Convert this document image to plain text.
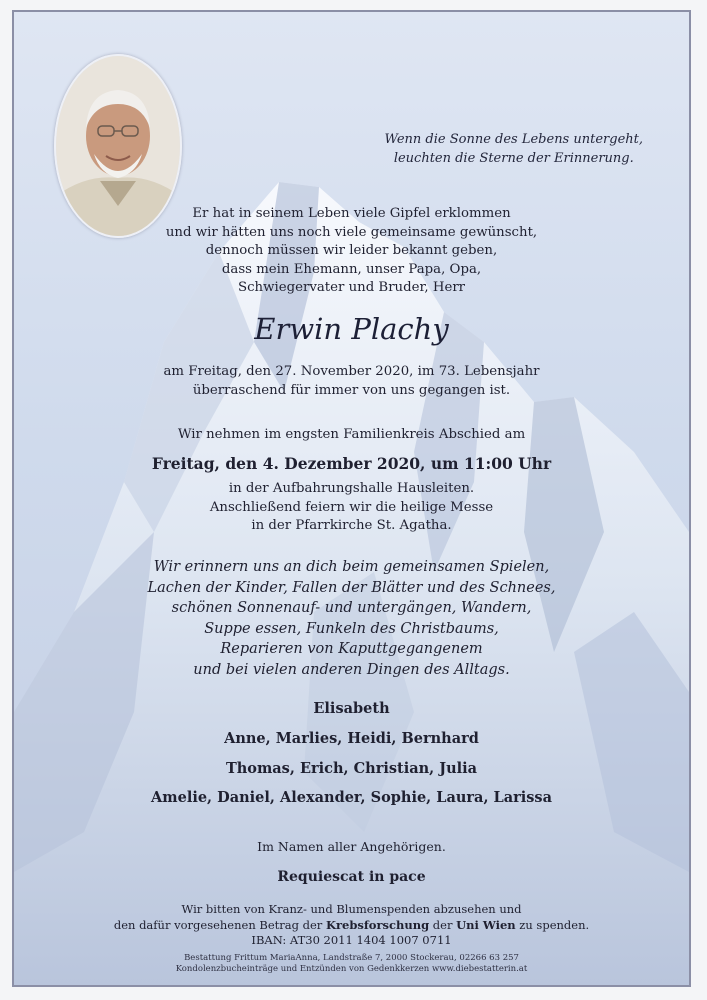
Wenn die Sonne des Lebens untergeht,
leuchten die Sterne der Erinnerung.
Er hat in seinem Leben viele Gipfel erklommen
und wir hätten uns noch viele gemeinsame gewünscht,
dennoch müssen wir leider bekannt geben,
dass mein Ehemann, unser Papa, Opa,
Schwiegervater und Bruder, Herr
Erwin Plachy
am Freitag, den 27. November 2020, im 73. Lebensjahr
überraschend für immer von uns gegangen ist.
Wir nehmen im engsten Familienkreis Abschied am
Freitag, den 4. Dezember 2020, um 11:00 Uhr
in der Aufbahrungshalle Hausleiten.
Anschließend feiern wir die heilige Messe
in der Pfarrkirche St. Agatha.
Wir erinnern uns an dich beim gemeinsamen Spielen,
Lachen der Kinder, Fallen der Blätter und des Schnees,
schönen Sonnenauf- und untergängen, Wandern,
Suppe essen, Funkeln des Christbaums,
Reparieren von Kaputtgegangenem
und bei vielen anderen Dingen des Alltags.
Elisabeth
Anne, Marlies, Heidi, Bernhard
Thomas, Erich, Christian, Julia
Amelie, Daniel, Alexander, Sophie, Laura, Larissa
Im Namen aller Angehörigen.
Requiescat in pace
Wir bitten von Kranz- und Blumenspenden abzusehen und
den dafür vorgesehenen Betrag der Krebsforschung der Uni Wien zu spenden.
IBAN: AT30 2011 1404 1007 0711
Bestattung Frittum MariaAnna, Landstraße 7, 2000 Stockerau, 02266 63 257
Kondolenzbucheinträge und Entzünden von Gedenkkerzen www.diebestatterin.at
